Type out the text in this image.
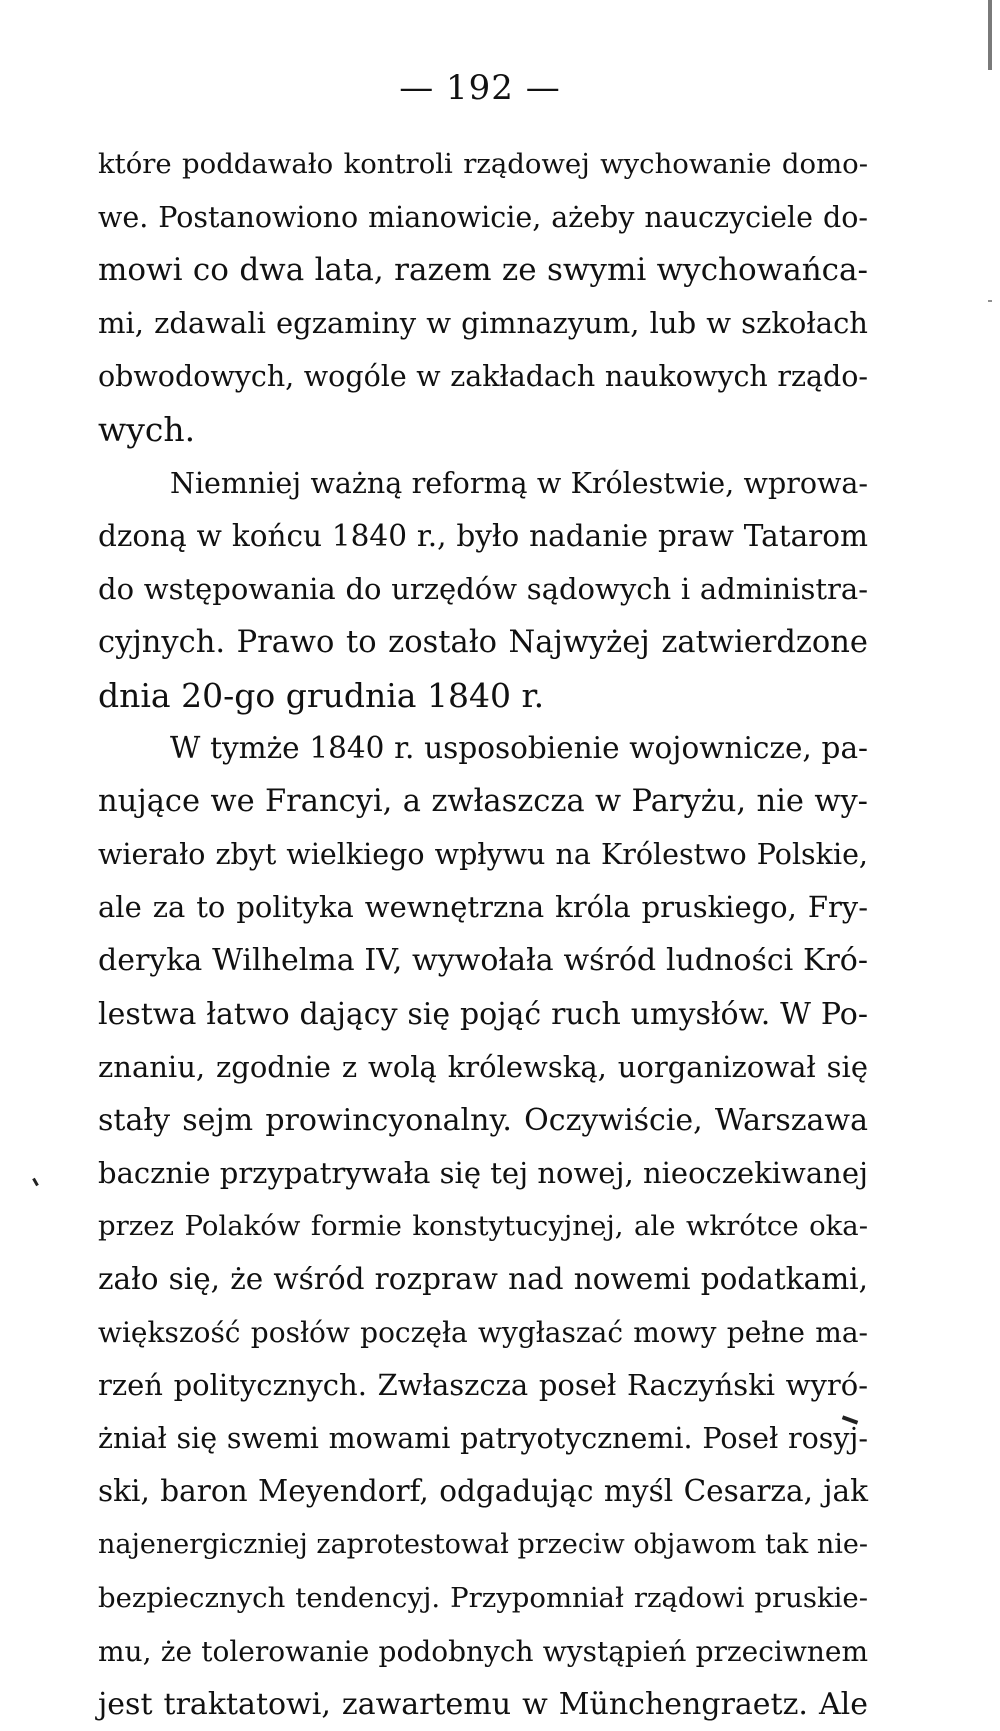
— 192 —
które poddawało kontroli rządowej wychowanie domo-
we. Postanowiono mianowicie, ażeby nauczyciele do-
mowi co dwa lata, razem ze swymi wychowańca-
mi, zdawali egzaminy w gimnazyum, lub w szkołach
obwodowych, wogóle w zakładach naukowych rządo-
wych.
Niemniej ważną reformą w Królestwie, wprowa-
dzoną w końcu 1840 r., było nadanie praw Tatarom
do wstępowania do urzędów sądowych i administra-
cyjnych. Prawo to zostało Najwyżej zatwierdzone
dnia 20-go grudnia 1840 r.
W tymże 1840 r. usposobienie wojownicze, pa-
nujące we Francyi, a zwłaszcza w Paryżu, nie wy-
wierało zbyt wielkiego wpływu na Królestwo Polskie,
ale za to polityka wewnętrzna króla pruskiego, Fry-
deryka Wilhelma IV, wywołała wśród ludności Kró-
lestwa łatwo dający się pojąć ruch umysłów. W Po-
znaniu, zgodnie z wolą królewską, uorganizował się
stały sejm prowincyonalny. Oczywiście, Warszawa
bacznie przypatrywała się tej nowej, nieoczekiwanej
przez Polaków formie konstytucyjnej, ale wkrótce oka-
zało się, że wśród rozpraw nad nowemi podatkami,
większość posłów poczęła wygłaszać mowy pełne ma-
rzeń politycznych. Zwłaszcza poseł Raczyński wyró-
żniał się swemi mowami patryotycznemi. Poseł rosyj-
ski, baron Meyendorf, odgadując myśl Cesarza, jak
najenergiczniej zaprotestował przeciw objawom tak nie-
bezpiecznych tendencyj. Przypomniał rządowi pruskie-
mu, że tolerowanie podobnych wystąpień przeciwnem
jest traktatowi, zawartemu w Münchengraetz. Ale
